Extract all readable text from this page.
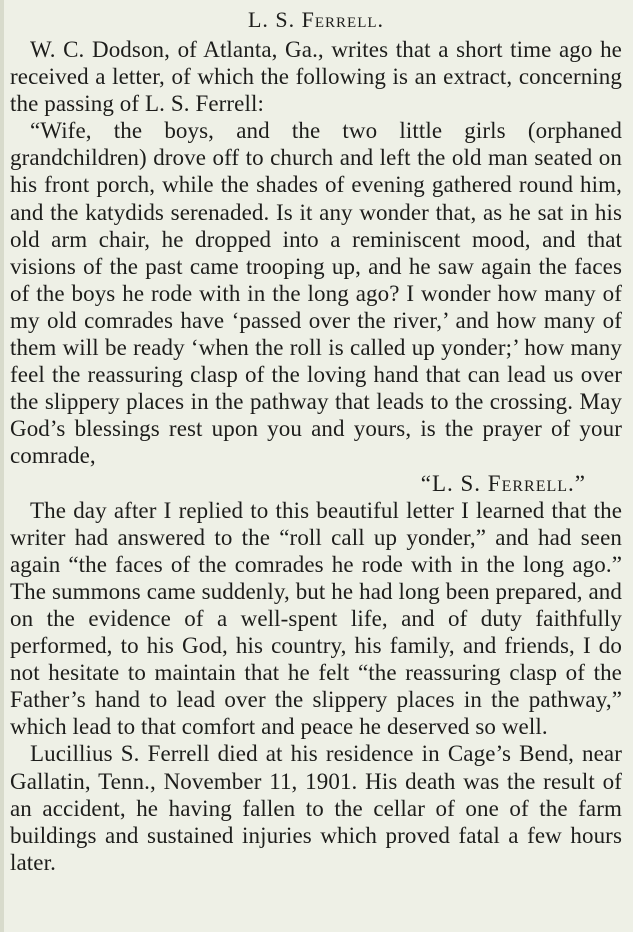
L. S. Ferrell.

W. C. Dodson, of Atlanta, Ga., writes that a short time ago he received a letter, of which the following is an extract, concerning the passing of L. S. Ferrell:

“Wife, the boys, and the two little girls (orphaned grandchildren) drove off to church and left the old man seated on his front porch, while the shades of evening gathered round him, and the katydids serenaded. Is it any wonder that, as he sat in his old arm chair, he dropped into a reminiscent mood, and that visions of the past came trooping up, and he saw again the faces of the boys he rode with in the long ago? I wonder how many of my old comrades have ‘passed over the river,’ and how many of them will be ready ‘when the roll is called up yonder;’ how many feel the reassuring clasp of the loving hand that can lead us over the slippery places in the pathway that leads to the crossing. May God’s blessings rest upon you and yours, is the prayer of your comrade,

“L. S. Ferrell.”

The day after I replied to this beautiful letter I learned that the writer had answered to the “roll call up yonder,” and had seen again “the faces of the comrades he rode with in the long ago.” The summons came suddenly, but he had long been prepared, and on the evidence of a well-spent life, and of duty faithfully performed, to his God, his country, his family, and friends, I do not hesitate to maintain that he felt “the reassuring clasp of the Father’s hand to lead over the slippery places in the pathway,” which lead to that comfort and peace he deserved so well.

Lucillius S. Ferrell died at his residence in Cage’s Bend, near Gallatin, Tenn., November 11, 1901. His death was the result of an accident, he having fallen to the cellar of one of the farm buildings and sustained injuries which proved fatal a few hours later.
